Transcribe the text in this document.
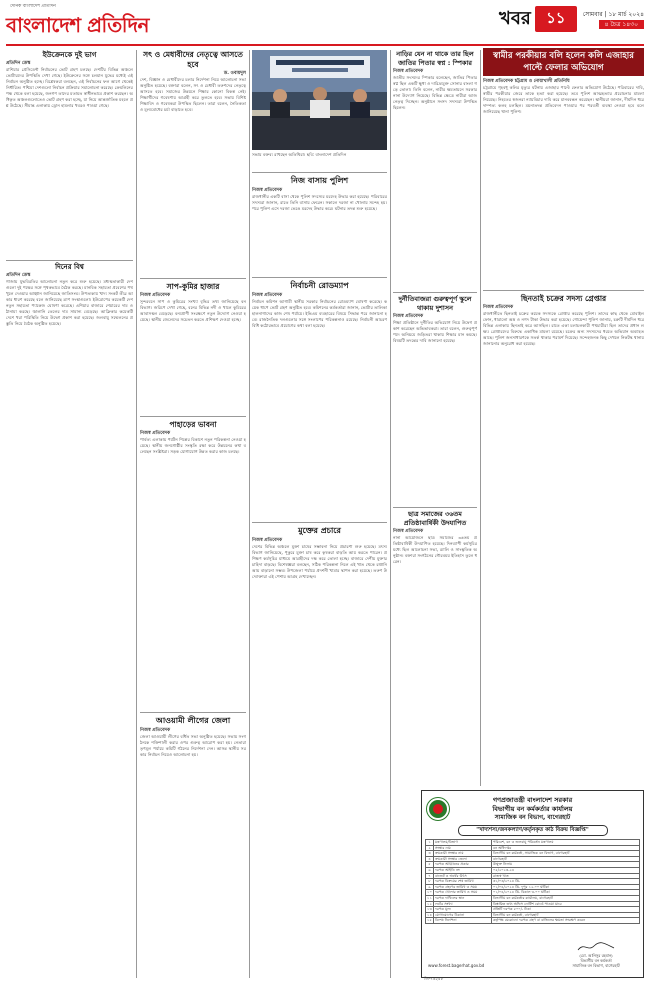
দৈনিক বাংলাদেশ প্রতিদিন
বাংলাদেশ প্রতিদিন	খবর	১১	সোমবার | ১৮ মার্চ ২০২৪
৪ চৈত্র ১৪৩০
ইউক্রেনকে দুই ভাগ
প্রতিদিন ডেস্ক
রাশিয়ার প্রেসিডেন্ট নির্বাচনের ভোট গ্রহণ চলছে। দেশটির বিভিন্ন অঞ্চলে ভোটারদের উপস্থিতি দেখা গেছে। ইউক্রেনের সঙ্গে চলমান যুদ্ধের মধ্যেই এই নির্বাচন অনুষ্ঠিত হচ্ছে। বিশ্লেষকরা বলছেন, এই নির্বাচনের ফল আগে থেকেই নির্ধারিত। পশ্চিমা দেশগুলো নির্বাচন প্রক্রিয়ার সমালোচনা করেছে। ক্রেমলিনের পক্ষ থেকে বলা হয়েছে, জনগণ তাদের মতামত স্বাধীনভাবে প্রকাশ করছেন। অধিকৃত অঞ্চলগুলোতেও ভোট গ্রহণ করা হচ্ছে, যা নিয়ে আন্তর্জাতিক মহলে প্রশ্ন উঠেছে। সীমান্ত এলাকায় ড্রোন হামলার খবরও পাওয়া গেছে।
দিনের বিশ্ব
প্রতিদিন ডেস্ক
গাজায় যুদ্ধবিরতির আলোচনা নতুন করে শুরু হয়েছে। মধ্যস্থতাকারী দেশগুলো দুই পক্ষের সঙ্গে পৃথকভাবে বৈঠক করছে। মানবিক সহায়তা প্রবেশের পথ খুলে দেওয়ার আহ্বান জানিয়েছে জাতিসংঘ। উপত্যকায় খাদ্য সংকট তীব্র আকার ধারণ করেছে বলে জানিয়েছে ত্রাণ সংস্থাগুলো। ইউরোপের কয়েকটি দেশ নতুন সহায়তা প্যাকেজ ঘোষণা করেছে। এশিয়ার বাজারে শেয়ারের দাম ওঠানামা করছে। জ্বালানি তেলের দাম সামান্য বেড়েছে। আফ্রিকার কয়েকটি দেশে খরা পরিস্থিতি নিয়ে উদ্বেগ প্রকাশ করা হয়েছে। জলবায়ু সম্মেলনের প্রস্তুতি নিয়ে বৈঠক অনুষ্ঠিত হয়েছে।
সৎ ও মেধাবীদের নেতৃত্বে আসতে হবে
ড. ওবায়দুল
দেশ, বিজ্ঞান ও মেধাবীদের চলার নির্দেশনা নিয়ে আলোচনা সভা অনুষ্ঠিত হয়েছে। বক্তারা বলেন, সৎ ও মেধাবী তরুণদের নেতৃত্বে আসতে হবে। সমাজের উন্নয়নে শিক্ষার কোনো বিকল্প নেই। শিক্ষার্থীদের গবেষণায় আগ্রহী করে তুলতে হবে। সভায় বিশিষ্ট শিক্ষাবিদ ও গবেষকরা উপস্থিত ছিলেন। তারা বলেন, নৈতিকতা ও মূল্যবোধের চর্চা বাড়াতে হবে।
সাপ-কুমির হাজার
নিজস্ব প্রতিবেদক
সুন্দরবনে সাপ ও কুমিরের সংখ্যা বৃদ্ধির তথ্য জানিয়েছে বন বিভাগ। জরিপে দেখা গেছে, বনের বিভিন্ন নদী ও খালে কুমিরের আবাসস্থল বেড়েছে। বন্যপ্রাণী সংরক্ষণে নতুন উদ্যোগ নেওয়া হয়েছে। স্থানীয় জেলেদের সচেতন করতে প্রশিক্ষণ দেওয়া হচ্ছে।
পাহাড়ের ভাবনা
নিজস্ব প্রতিবেদক
পার্বত্য এলাকায় পর্যটন শিল্পের বিকাশে নতুন পরিকল্পনা নেওয়া হয়েছে। স্থানীয় জনগোষ্ঠীর সংস্কৃতি রক্ষা করে উন্নয়নের কথা বলেছেন সংশ্লিষ্টরা। সড়ক যোগাযোগ উন্নত করার কাজ চলছে।
আওয়ামী লীগের জেলা
নিজস্ব প্রতিবেদক
জেলা আওয়ামী লীগের বর্ধিত সভা অনুষ্ঠিত হয়েছে। সভায় সংগঠনকে শক্তিশালী করার ওপর গুরুত্ব আরোপ করা হয়। নেতারা তৃণমূল পর্যায়ে কমিটি গঠনের নির্দেশনা দেন। আসন্ন স্থানীয় সরকার নির্বাচন নিয়েও আলোচনা হয়।
সভায় বক্তব্য রাখছেন অতিথিরা। ছবি: বাংলাদেশ প্রতিদিন
নিজ বাসায় পুলিশ
নিজস্ব প্রতিবেদক
রাজধানীর একটি বাসা থেকে পুলিশ সদস্যের মরদেহ উদ্ধার করা হয়েছে। পরিবারের সদস্যরা জানান, রাতে তিনি বাসায় ফেরেন। সকালে দরজা না খোলায় সন্দেহ হয়। পরে পুলিশ এসে দরজা ভেঙে মরদেহ উদ্ধার করে। ঘটনার তদন্ত শুরু হয়েছে।
নির্বাচনী রোডম্যাপ
নিজস্ব প্রতিবেদক
নির্বাচন কমিশন আগামী স্থানীয় সরকার নির্বাচনের রোডম্যাপ ঘোষণা করেছে। কয়েক ধাপে ভোট গ্রহণ অনুষ্ঠিত হবে। কমিশনের কর্মকর্তারা জানান, ভোটার তালিকা হালনাগাদের কাজ শেষ পর্যায়ে। ইভিএম ব্যবহারের বিষয়ে সিদ্ধান্ত পরে জানানো হবে। রাজনৈতিক দলগুলোর সঙ্গে সংলাপের পরিকল্পনাও রয়েছে। নির্বাচনী আচরণবিধি কঠোরভাবে প্রয়োগের কথা বলা হয়েছে।
মুক্তের প্রচারে
নিজস্ব প্রতিবেদক
দেশের বিভিন্ন অঞ্চলে মুক্তা চাষের সম্ভাবনা নিয়ে প্রচারণা শুরু হয়েছে। মৎস্য বিভাগ জানিয়েছে, পুকুরে মুক্তা চাষ করে কৃষকরা বাড়তি আয় করতে পারেন। প্রশিক্ষণ কর্মসূচির মাধ্যমে আগ্রহীদের দক্ষ করে তোলা হচ্ছে। বাজারে দেশীয় মুক্তার চাহিদা বাড়ছে। বিশেষজ্ঞরা বলছেন, সঠিক পরিকল্পনা নিলে এই খাত থেকে রপ্তানি আয় বাড়ানো সম্ভব। উপজেলা পর্যায়ে প্রদর্শনী খামার স্থাপন করা হয়েছে। তরুণ উদ্যোক্তারা এই পেশায় আগ্রহ দেখাচ্ছেন।
নাড়ির যেন না থাকে তার ছিল জাতির পিতার স্বপ্ন : স্পিকার
নিজস্ব প্রতিবেদক
জাতীয় সংসদের স্পিকার বলেছেন, জাতির পিতার স্বপ্ন ছিল একটি ক্ষুধা ও দারিদ্র্যমুক্ত সোনার বাংলা গড়ে তোলা। তিনি বলেন, নারীর ক্ষমতায়নে সরকার নানা উদ্যোগ নিয়েছে। বিভিন্ন ক্ষেত্রে নারীরা আজ নেতৃত্ব দিচ্ছেন। অনুষ্ঠানে সংসদ সদস্যরা উপস্থিত ছিলেন।
দুর্নীতিবাজরা গুরুত্বপূর্ণ স্কুলে থাকায় দুশাসন
নিজস্ব প্রতিবেদক
শিক্ষা প্রতিষ্ঠানে দুর্নীতির অভিযোগ নিয়ে উদ্বেগ প্রকাশ করেছেন অভিভাবকরা। তারা বলেন, গুরুত্বপূর্ণ পদে অনিয়মে জড়িতরা থাকায় শিক্ষার মান কমছে। বিষয়টি তদন্তের দাবি জানানো হয়েছে।
ছাত্র সমাজের ৩৬তম প্রতিষ্ঠাবার্ষিকী উদযাপিত
নিজস্ব প্রতিবেদক
নানা আয়োজনে ছাত্র সমাজের ৩৬তম প্রতিষ্ঠাবার্ষিকী উদযাপিত হয়েছে। দিনব্যাপী কর্মসূচির মধ্যে ছিল আলোচনা সভা, র‍্যালি ও সাংস্কৃতিক অনুষ্ঠান। বক্তারা সংগঠনের গৌরবময় ইতিহাস তুলে ধরেন।
স্বামীর পরকীয়ার বলি হলেন কলি এজাহার পাল্টে ফেলার অভিযোগ
নিজস্ব প্রতিবেদক চট্টগ্রাম ও নোয়াখালী প্রতিনিধি
চট্টগ্রামে গৃহবধূ কলির মৃত্যুর ঘটনায় এজাহার পাল্টে ফেলার অভিযোগ উঠেছে। পরিবারের দাবি, স্বামীর পরকীয়ার জেরে তাকে হত্যা করা হয়েছে। তবে পুলিশ আত্মহত্যার প্ররোচনার মামলা নিয়েছে। নিহতের স্বজনরা ন্যায়বিচার দাবি করে মানববন্ধন করেছেন। স্থানীয়রা জানান, দীর্ঘদিন ধরে দাম্পত্য কলহ চলছিল। ময়নাতদন্ত প্রতিবেদন পাওয়ার পর পরবর্তী ব্যবস্থা নেওয়া হবে বলে জানিয়েছে থানা পুলিশ।
ছিনতাই চক্রের সদস্য গ্রেপ্তার
নিজস্ব প্রতিবেদক
রাজধানীতে ছিনতাই চক্রের কয়েক সদস্যকে গ্রেপ্তার করেছে পুলিশ। তাদের কাছ থেকে মোবাইল ফোন, ধারালো অস্ত্র ও নগদ টাকা উদ্ধার করা হয়েছে। গোয়েন্দা পুলিশ জানায়, চক্রটি দীর্ঘদিন ধরে বিভিন্ন এলাকায় ছিনতাই করে আসছিল। রাতে একা চলাচলকারী পথচারীরা ছিল তাদের প্রধান লক্ষ্য। গ্রেপ্তারদের বিরুদ্ধে একাধিক মামলা রয়েছে। চক্রের অন্য সদস্যদের ধরতে অভিযান অব্যাহত আছে। পুলিশ জনসাধারণকে সতর্ক থাকার পরামর্শ দিয়েছে। সন্দেহজনক কিছু দেখলে নিকটস্থ থানায় জানানোর অনুরোধ করা হয়েছে।
গণপ্রজাতন্ত্রী বাংলাদেশ সরকার
বিভাগীয় বন কর্মকর্তার কার্যালয়
সামাজিক বন বিভাগ, বাগেরহাট
"খাদ্যশস্য/জনকল্যাণ/কর্তৃনকৃত কাঠ বিক্রয় বিজ্ঞপ্তি"
১	মন্ত্রণালয়/বিভাগ	পরিবেশ, বন ও জলবায়ু পরিবর্তন মন্ত্রণালয়
২	সংস্থার নাম	বন অধিদপ্তর
৩	ক্রয়কারী সংস্থার নাম	বিভাগীয় বন কর্মকর্তা, সামাজিক বন বিভাগ, বাগেরহাট
৪	ক্রয়কারী সংস্থার জেলা	বাগেরহাট
৫	দরপত্র আহ্বানের প্রকার	উন্মুক্ত নিলাম
৬	দরপত্র আইডি নং	০৫/২০২৩-২৪
৭	বাজেট ও অর্থের উৎস	রাজস্ব খাত
৮	দরপত্র বিক্রয়ের শেষ তারিখ	৩১/০৩/২০২৪ খ্রি.
৯	দরপত্র গ্রহণের তারিখ ও সময়	০১/০৪/২০২৪ খ্রি. দুপুর ১২.০০ ঘটিকা
১০	দরপত্র খোলার তারিখ ও সময়	০১/০৪/২০২৪ খ্রি. বিকাল ৩.০০ ঘটিকা
১১	দরপত্র দাখিলের স্থান	বিভাগীয় বন কর্মকর্তার কার্যালয়, বাগেরহাট
১২	লটের সংখ্যা	বিস্তারিত তথ্য অফিস নোটিশ বোর্ডে পাওয়া যাবে
১৩	দরপত্র মূল্য	প্রতিটি দরপত্র ৫০০/- টাকা
১৪	যোগাযোগের ঠিকানা	বিভাগীয় বন কর্মকর্তা, বাগেরহাট
১৫	বিশেষ নির্দেশনা	কর্তৃপক্ষ যেকোনো দরপত্র গ্রহণ বা বাতিলের ক্ষমতা সংরক্ষণ করেন
www.forest.bagerhat.gov.bd
(মো. আনিসুর রহমান)
বিভাগীয় বন কর্মকর্তা
সামাজিক বন বিভাগ, বাগেরহাট
জি-৭৩২৫৮
